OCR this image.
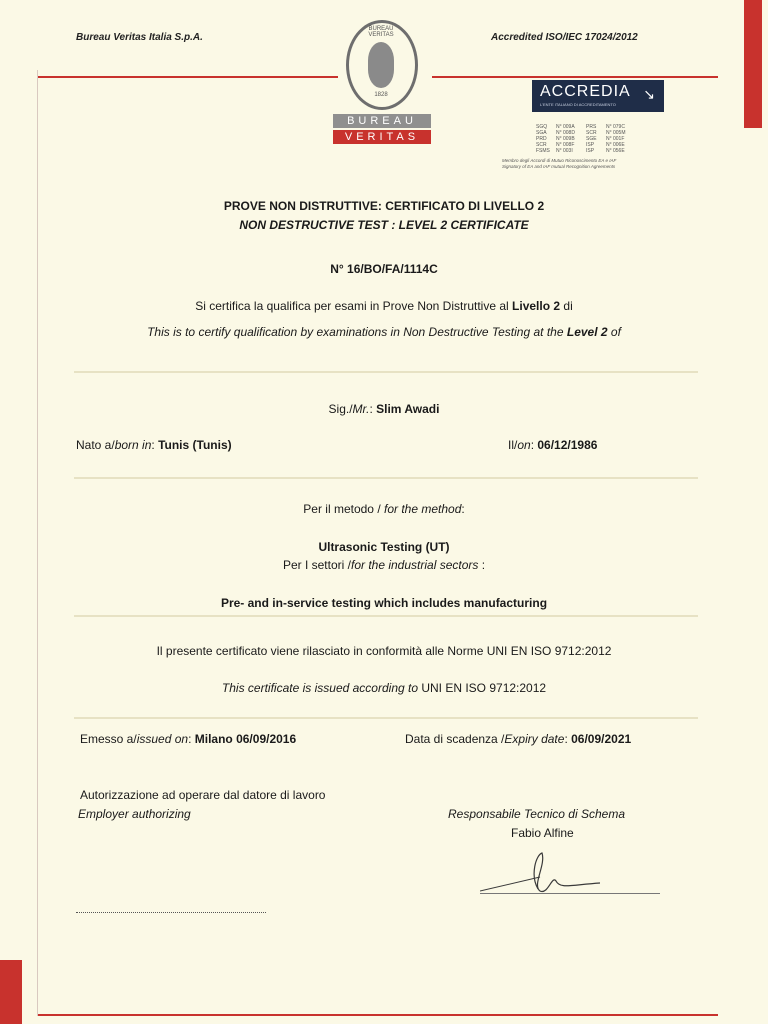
Bureau Veritas Italia S.p.A.	Accredited ISO/IEC 17024/2012
BUREAU VERITAS
1828
BUREAU
VERITAS
ACCREDIA ↘
L'ENTE ITALIANO DI ACCREDITAMENTO
SGQ	N° 009A PRS	N° 079C
SGA	N° 008D SCR	N° 005M
PRD	N° 009B SGE	N° 001F
SCR	N° 008F	ISP	N° 006E
FSMS	N° 003I	ISP	N° 056E
Membro degli Accordi di Mutuo Riconoscimento EA e IAF
Signatory of EA and IAF mutual Recognition Agreements
PROVE NON DISTRUTTIVE: CERTIFICATO DI LIVELLO 2
NON DESTRUCTIVE TEST : LEVEL 2 CERTIFICATE
N° 16/BO/FA/1114C
Si certifica la qualifica per esami in Prove Non Distruttive al Livello 2 di
This is to certify qualification by examinations in Non Destructive Testing at the Level 2 of
Sig./Mr.: Slim Awadi
Nato a/born in: Tunis (Tunis)	Il/on: 06/12/1986
Per il metodo / for the method:
Ultrasonic Testing (UT)
Per I settori /for the industrial sectors :
Pre- and in-service testing which includes manufacturing
Il presente certificato viene rilasciato in conformità alle Norme UNI EN ISO 9712:2012
This certificate is issued according to UNI EN ISO 9712:2012
Emesso a/issued on: Milano 06/09/2016	Data di scadenza /Expiry date: 06/09/2021
Autorizzazione ad operare dal datore di lavoro
Employer authorizing	Responsabile Tecnico di Schema
Fabio Alfine
